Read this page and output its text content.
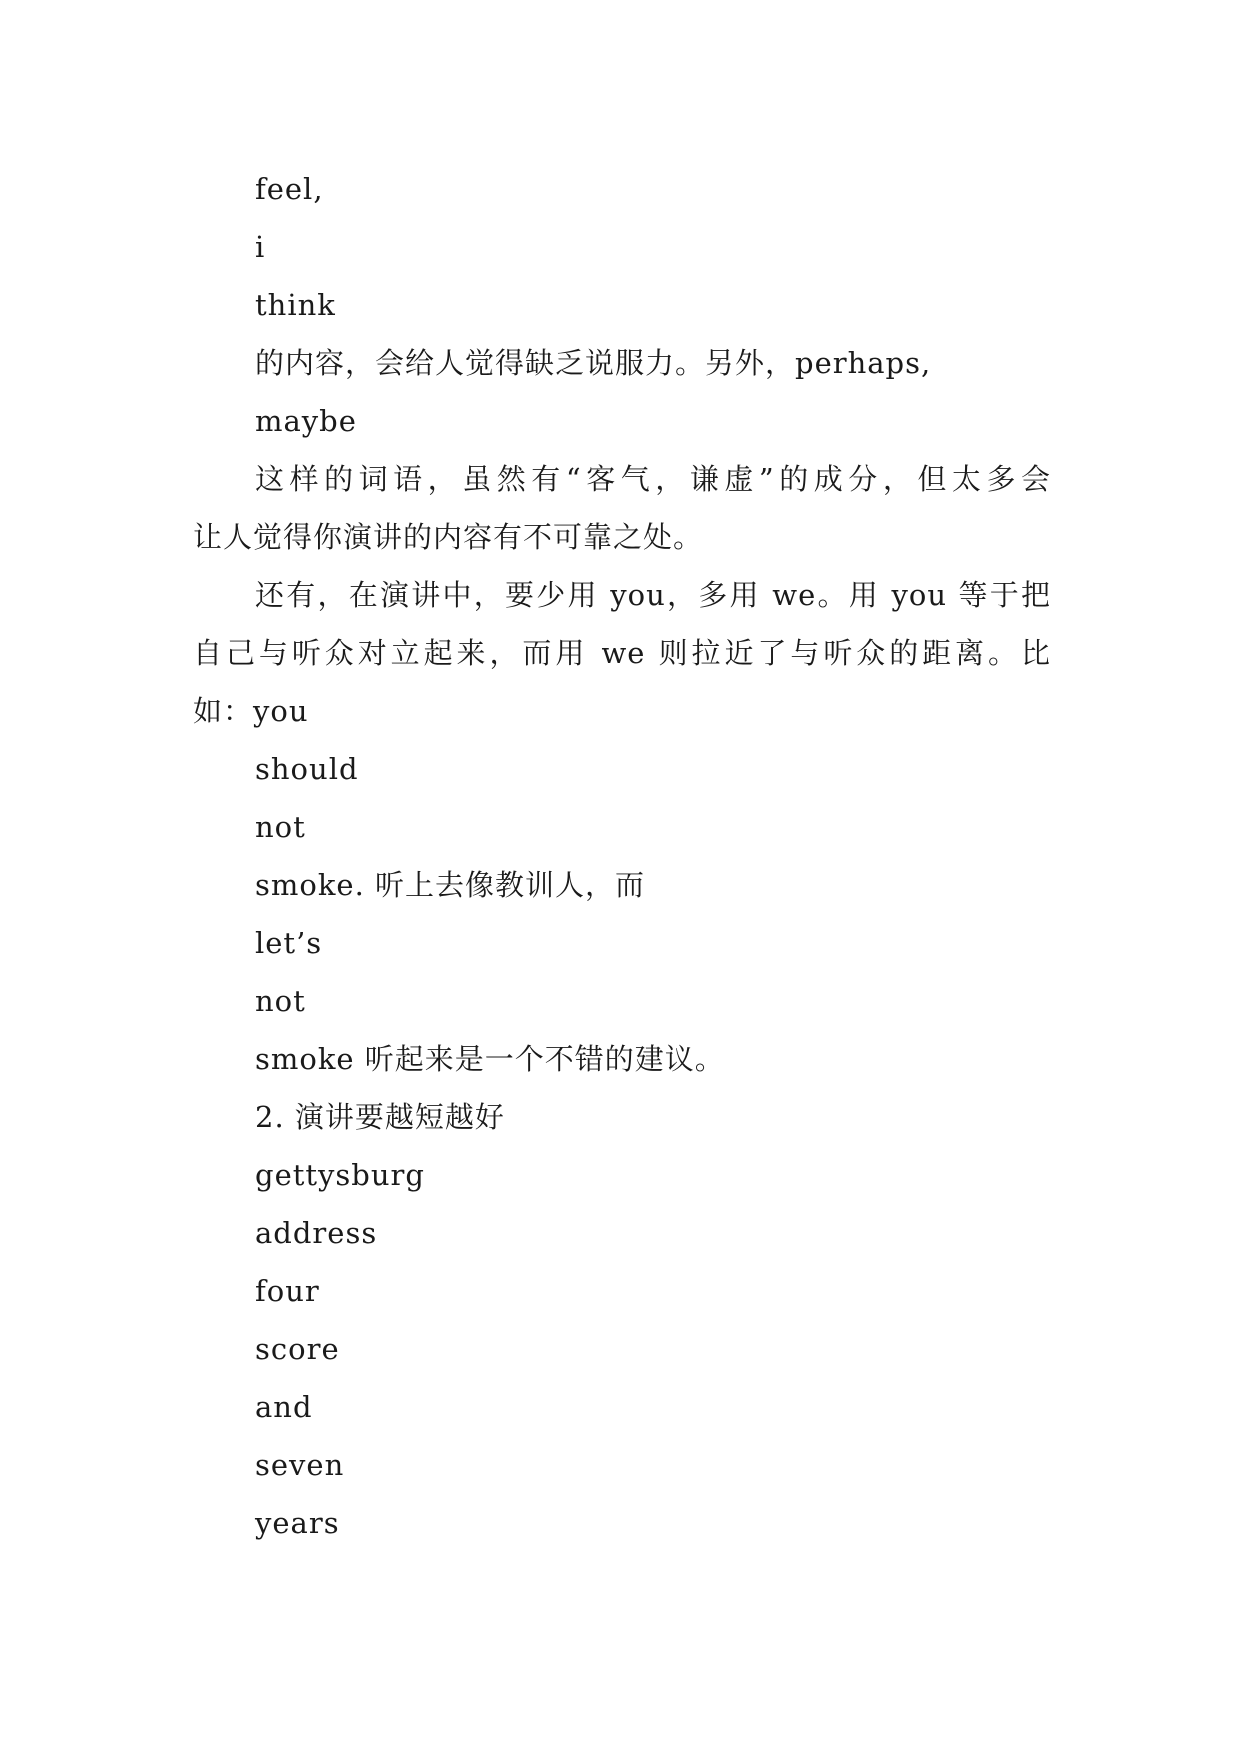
feel,
i
think
的内容，会给人觉得缺乏说服力。另外，perhaps,
maybe
这样的词语，虽然有“客气，谦虚”的成分，但太多会
让人觉得你演讲的内容有不可靠之处。
还有，在演讲中，要少用 you，多用 we。用 you 等于把
自己与听众对立起来，而用 we 则拉近了与听众的距离。比
如：you
should
not
smoke. 听上去像教训人，而
let’s
not
smoke 听起来是一个不错的建议。
2. 演讲要越短越好
gettysburg
address
four
score
and
seven
years
